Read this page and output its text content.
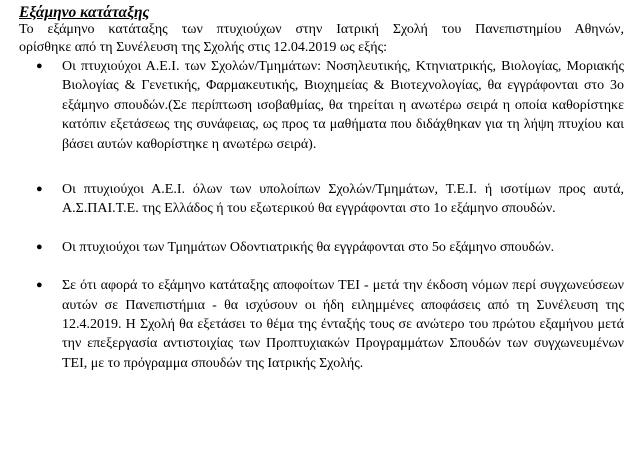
Εξάμηνο κατάταξης

Το εξάμηνο κατάταξης των πτυχιούχων στην Ιατρική Σχολή του Πανεπιστημίου Αθηνών,
ορίσθηκε από τη Συνέλευση της Σχολής στις 12.04.2019 ως εξής:

● Οι πτυχιούχοι Α.Ε.Ι. των Σχολών/Τμημάτων: Νοσηλευτικής, Κτηνιατρικής, Βιολογίας, Μοριακής Βιολογίας & Γενετικής, Φαρμακευτικής, Βιοχημείας & Βιοτεχνολογίας, θα εγγράφονται στο 3ο εξάμηνο σπουδών.(Σε περίπτωση ισοβαθμίας, θα τηρείται η ανωτέρω σειρά η οποία καθορίστηκε κατόπιν εξετάσεως της συνάφειας, ως προς τα μαθήματα που διδάχθηκαν για τη λήψη πτυχίου και βάσει αυτών καθορίστηκε η ανωτέρω σειρά).
● Οι πτυχιούχοι Α.Ε.Ι. όλων των υπολοίπων Σχολών/Τμημάτων, Τ.Ε.Ι. ή ισοτίμων προς αυτά, Α.Σ.ΠΑΙ.Τ.Ε. της Ελλάδος ή του εξωτερικού θα εγγράφονται στο 1ο εξάμηνο σπουδών.
● Οι πτυχιούχοι των Τμημάτων Οδοντιατρικής θα εγγράφονται στο 5ο εξάμηνο σπουδών.
● Σε ότι αφορά το εξάμηνο κατάταξης αποφοίτων ΤΕΙ - μετά την έκδοση νόμων περί συγχωνεύσεων αυτών σε Πανεπιστήμια - θα ισχύσουν οι ήδη ειλημμένες αποφάσεις από τη Συνέλευση της 12.4.2019. Η Σχολή θα εξετάσει το θέμα της ένταξής τους σε ανώτερο του πρώτου εξαμήνου μετά την επεξεργασία αντιστοιχίας των Προπτυχιακών Προγραμμάτων Σπουδών των συγχωνευμένων ΤΕΙ, με το πρόγραμμα σπουδών της Ιατρικής Σχολής.
